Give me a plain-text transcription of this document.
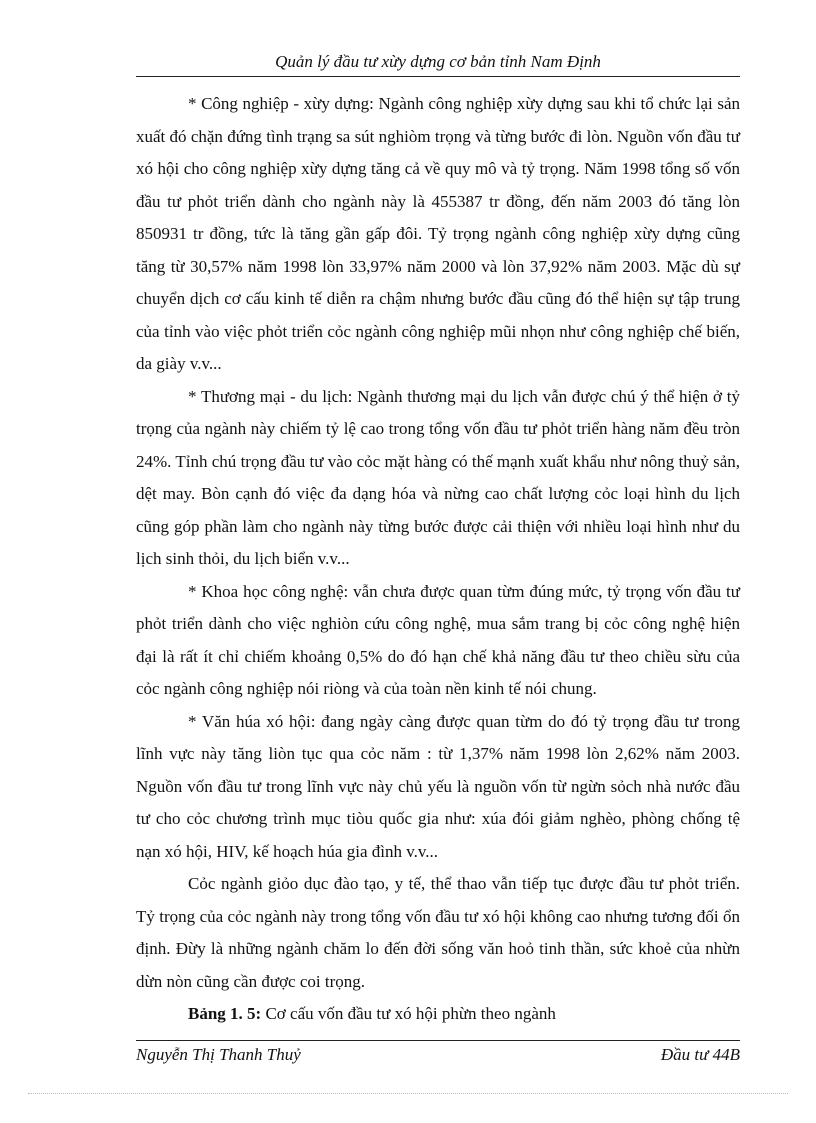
Quản lý đầu tư xừy dựng cơ bản tỉnh Nam Định

* Công nghiệp - xừy dựng: Ngành công nghiệp xừy dựng sau khi tổ chức lại sản xuất đó chặn đứng tình trạng sa sút nghiòm trọng và từng bước đi lòn. Nguồn vốn đầu tư xó hội cho công nghiệp xừy dựng tăng cả về quy mô và tỷ trọng. Năm 1998 tổng số vốn đầu tư phỏt triển dành cho ngành này là 455387 tr đồng, đến năm 2003 đó tăng lòn 850931 tr đồng, tức là tăng gần gấp đôi. Tỷ trọng ngành công nghiệp xừy dựng cũng tăng từ 30,57% năm 1998 lòn 33,97% năm 2000 và lòn 37,92% năm 2003. Mặc dù sự chuyển dịch cơ cấu kinh tế diễn ra chậm nhưng bước đầu cũng đó thể hiện sự tập trung của tỉnh vào việc phỏt triển cỏc ngành công nghiệp mũi nhọn như công nghiệp chế biến, da giày v.v...

* Thương mại - du lịch: Ngành thương mại du lịch vẫn được chú ý thể hiện ở tỷ trọng của ngành này chiếm tỷ lệ cao trong tổng vốn đầu tư phỏt triển hàng năm đều tròn 24%. Tỉnh chú trọng đầu tư vào cỏc mặt hàng có thế mạnh xuất khẩu như nông thuỷ sản, dệt may. Bòn cạnh đó việc đa dạng hóa và nừng cao chất lượng cỏc loại hình du lịch cũng góp phần làm cho ngành này từng bước được cải thiện với nhiều loại hình như du lịch sinh thỏi, du lịch biển v.v...

* Khoa học công nghệ: vẫn chưa được quan từm đúng mức, tỷ trọng vốn đầu tư phỏt triển dành cho việc nghiòn cứu công nghệ, mua sắm trang bị cỏc công nghệ hiện đại là rất ít chỉ chiếm khoảng 0,5% do đó hạn chế khả năng đầu tư theo chiều sừu của cỏc ngành công nghiệp nói riòng và của toàn nền kinh tế nói chung.

* Văn húa xó hội: đang ngày càng được quan từm do đó tỷ trọng đầu tư trong lĩnh vực này tăng liòn tục qua cỏc năm : từ 1,37% năm 1998 lòn 2,62% năm 2003. Nguồn vốn đầu tư trong lĩnh vực này chủ yếu là nguồn vốn từ ngừn sỏch nhà nước đầu tư cho cỏc chương trình mục tiòu quốc gia như: xúa đói giảm nghèo, phòng chống tệ nạn xó hội, HIV, kế hoạch húa gia đình v.v...

Cỏc ngành giỏo dục đào tạo, y tế, thể thao vẫn tiếp tục được đầu tư phỏt triển. Tỷ trọng của cỏc ngành này trong tổng vốn đầu tư xó hội không cao nhưng tương đối ổn định. Đừy là những ngành chăm lo đến đời sống văn hoỏ tinh thần, sức khoẻ của nhừn dừn nòn cũng cần được coi trọng.

Bảng 1. 5: Cơ cấu vốn đầu tư xó hội phừn theo ngành

Nguyễn Thị Thanh Thuỷ	Đầu tư 44B
